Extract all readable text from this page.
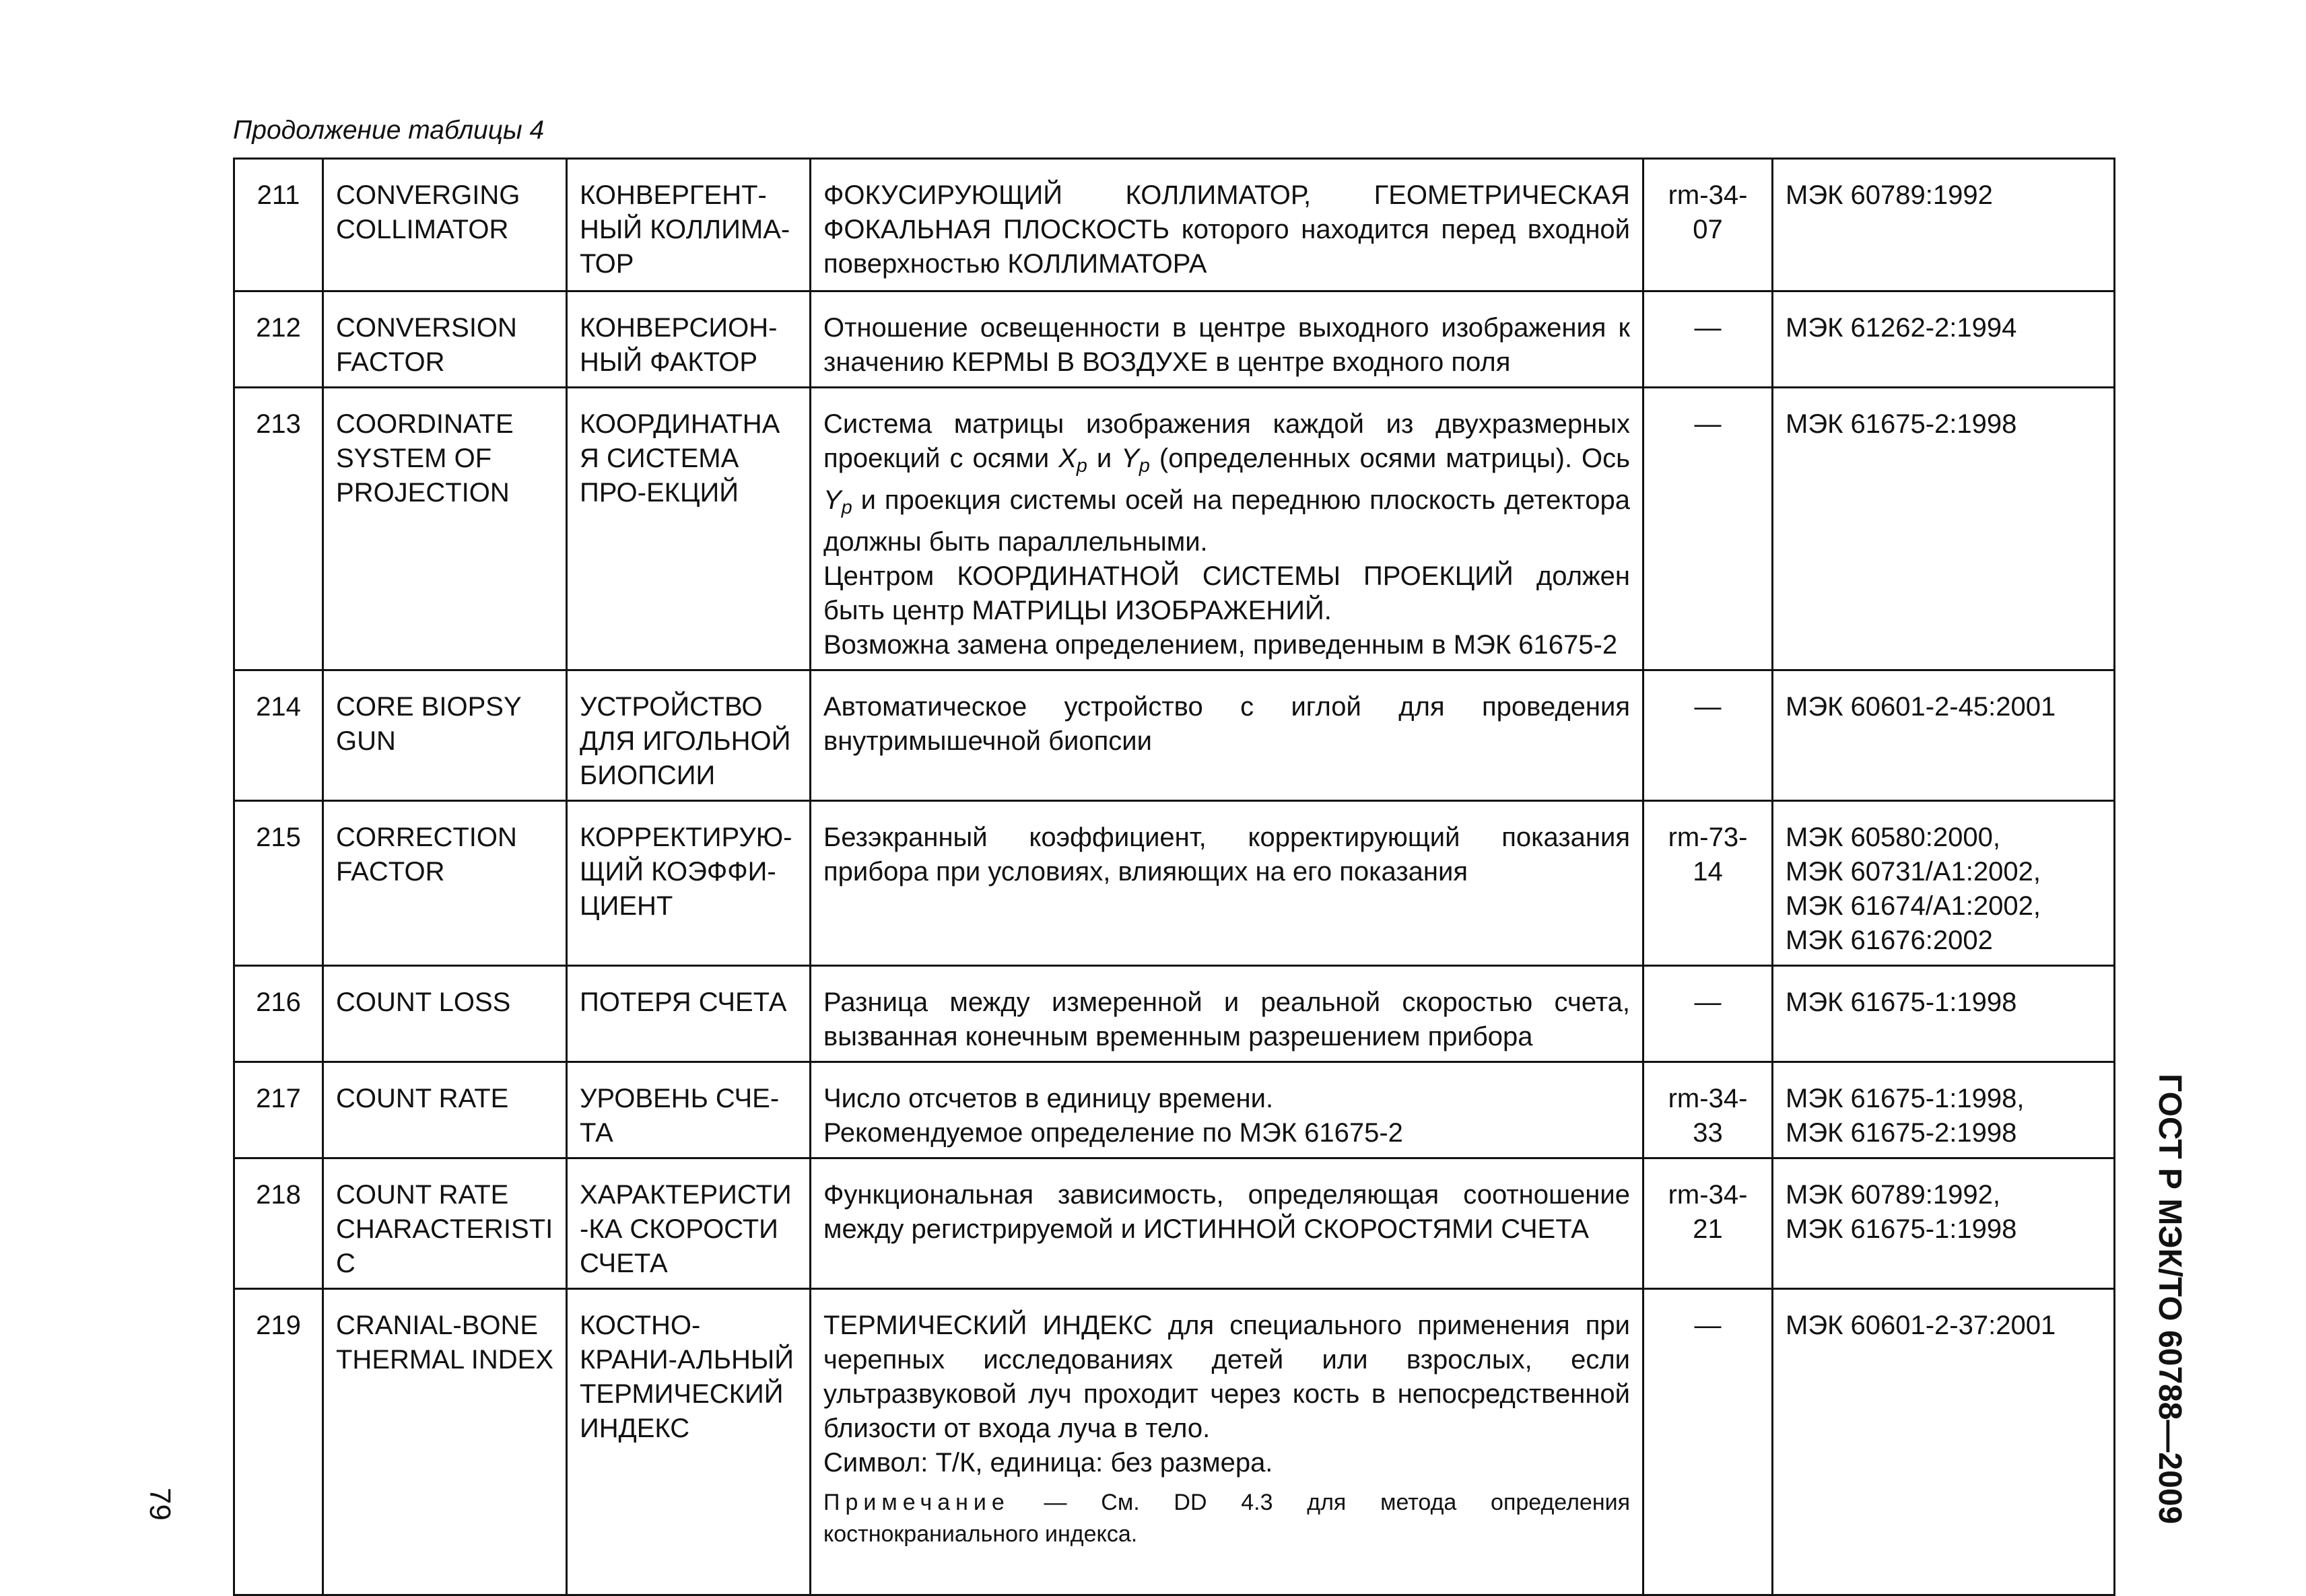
Продолжение таблицы 4
211	CONVERGING COLLIMATOR	КОНВЕРГЕНТ-НЫЙ КОЛЛИМА-ТОР	ФОКУСИРУЮЩИЙ КОЛЛИМАТОР, ГЕОМЕТРИЧЕСКАЯ ФОКАЛЬНАЯ ПЛОСКОСТЬ которого находится перед входной поверхностью КОЛЛИМАТОРА	rm-34-07	МЭК 60789:1992
212	CONVERSION FACTOR	КОНВЕРСИОН-НЫЙ ФАКТОР	Отношение освещенности в центре выходного изображения к значению КЕРМЫ В ВОЗДУХЕ в центре входного поля	—	МЭК 61262-2:1994
213	COORDINATE SYSTEM OF PROJECTION	КООРДИНАТНАЯ СИСТЕМА ПРО-ЕКЦИЙ	Система матрицы изображения каждой из двухразмерных проекций с осями $X_p$ и $Y_p$ (определенных осями матрицы). Ось $Y_p$ и проекция системы осей на переднюю плоскость детектора должны быть параллельными.
Центром КООРДИНАТНОЙ СИСТЕМЫ ПРОЕКЦИЙ должен быть центр МАТРИЦЫ ИЗОБРАЖЕНИЙ.
Возможна замена определением, приведенным в МЭК 61675-2	—	МЭК 61675-2:1998
214	CORE BIOPSY GUN	УСТРОЙСТВО ДЛЯ ИГОЛЬНОЙ БИОПСИИ	Автоматическое устройство с иглой для проведения внутримышечной биопсии	—	МЭК 60601-2-45:2001
215	CORRECTION FACTOR	КОРРЕКТИРУЮ-ЩИЙ КОЭФФИ-ЦИЕНТ	Безэкранный коэффициент, корректирующий показания прибора при условиях, влияющих на его показания	rm-73-14	МЭК 60580:2000,
МЭК 60731/А1:2002,
МЭК 61674/А1:2002,
МЭК 61676:2002

216	COUNT LOSS	ПОТЕРЯ СЧЕТА	Разница между измеренной и реальной скоростью счета, вызванная конечным временным разрешением прибора	—	МЭК 61675-1:1998
217	COUNT RATE	УРОВЕНЬ СЧЕ-ТА	Число отсчетов в единицу времени.
Рекомендуемое определение по МЭК 61675-2	rm-34-33	МЭК 61675-1:1998,
МЭК 61675-2:1998

218	COUNT RATE CHARACTERISTIC	ХАРАКТЕРИСТИ-КА СКОРОСТИ СЧЕТА	Функциональная зависимость, определяющая соотношение между регистрируемой и ИСТИННОЙ СКОРОСТЯМИ СЧЕТА	rm-34-21	МЭК 60789:1992,
МЭК 61675-1:1998

219	CRANIAL-BONE THERMAL INDEX	КОСТНО-КРАНИ-АЛЬНЫЙ ТЕРМИЧЕСКИЙ ИНДЕКС	ТЕРМИЧЕСКИЙ ИНДЕКС для специального применения при черепных исследованиях детей или взрослых, если ультразвуковой луч проходит через кость в непосредственной близости от входа луча в тело.
Символ: Т/К, единица: без размера.
Примечание — См. DD 4.3 для метода определения костнокраниального индекса.	—	МЭК 60601-2-37:2001	ГОСТ Р МЭК/ТО 60788—2009
79
